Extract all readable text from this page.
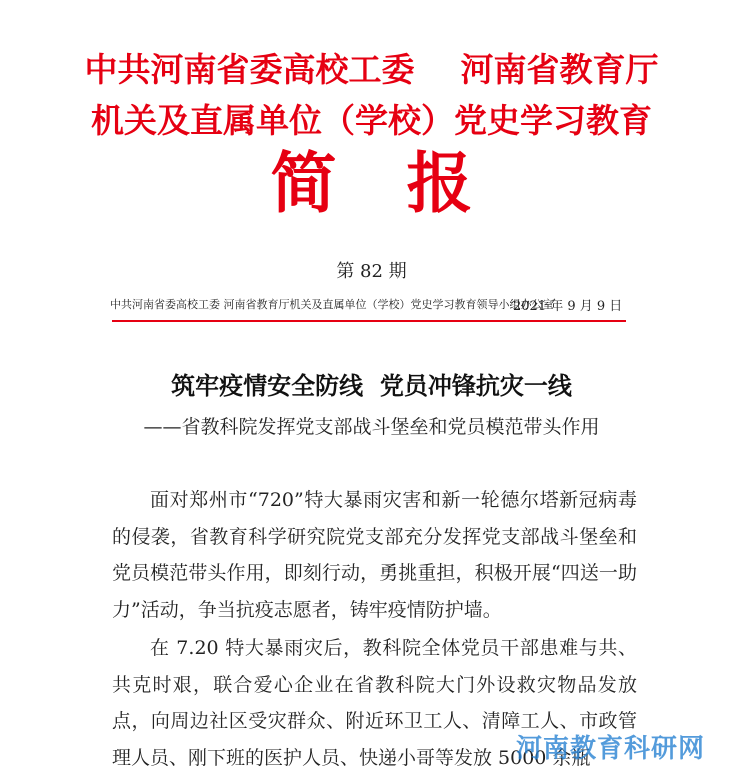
中共河南省委高校工委    河南省教育厅
机关及直属单位（学校）党史学习教育
简报
第 82 期
中共河南省委高校工委 河南省教育厅机关及直属单位（学校）党史学习教育领导小组办公室
2021 年 9 月 9 日
筑牢疫情安全防线  党员冲锋抗灾一线
——省教科院发挥党支部战斗堡垒和党员模范带头作用

面对郑州市“720”特大暴雨灾害和新一轮德尔塔新冠病毒的侵袭，省教育科学研究院党支部充分发挥党支部战斗堡垒和党员模范带头作用，即刻行动，勇挑重担，积极开展“四送一助力”活动，争当抗疫志愿者，铸牢疫情防护墙。

在 7.20 特大暴雨灾后，教科院全体党员干部患难与共、共克时艰，联合爱心企业在省教科院大门外设救灾物品发放点，向周边社区受灾群众、附近环卫工人、清障工人、市政管理人员、刚下班的医护人员、快递小哥等发放 5000 余瓶

河南教育科研网
